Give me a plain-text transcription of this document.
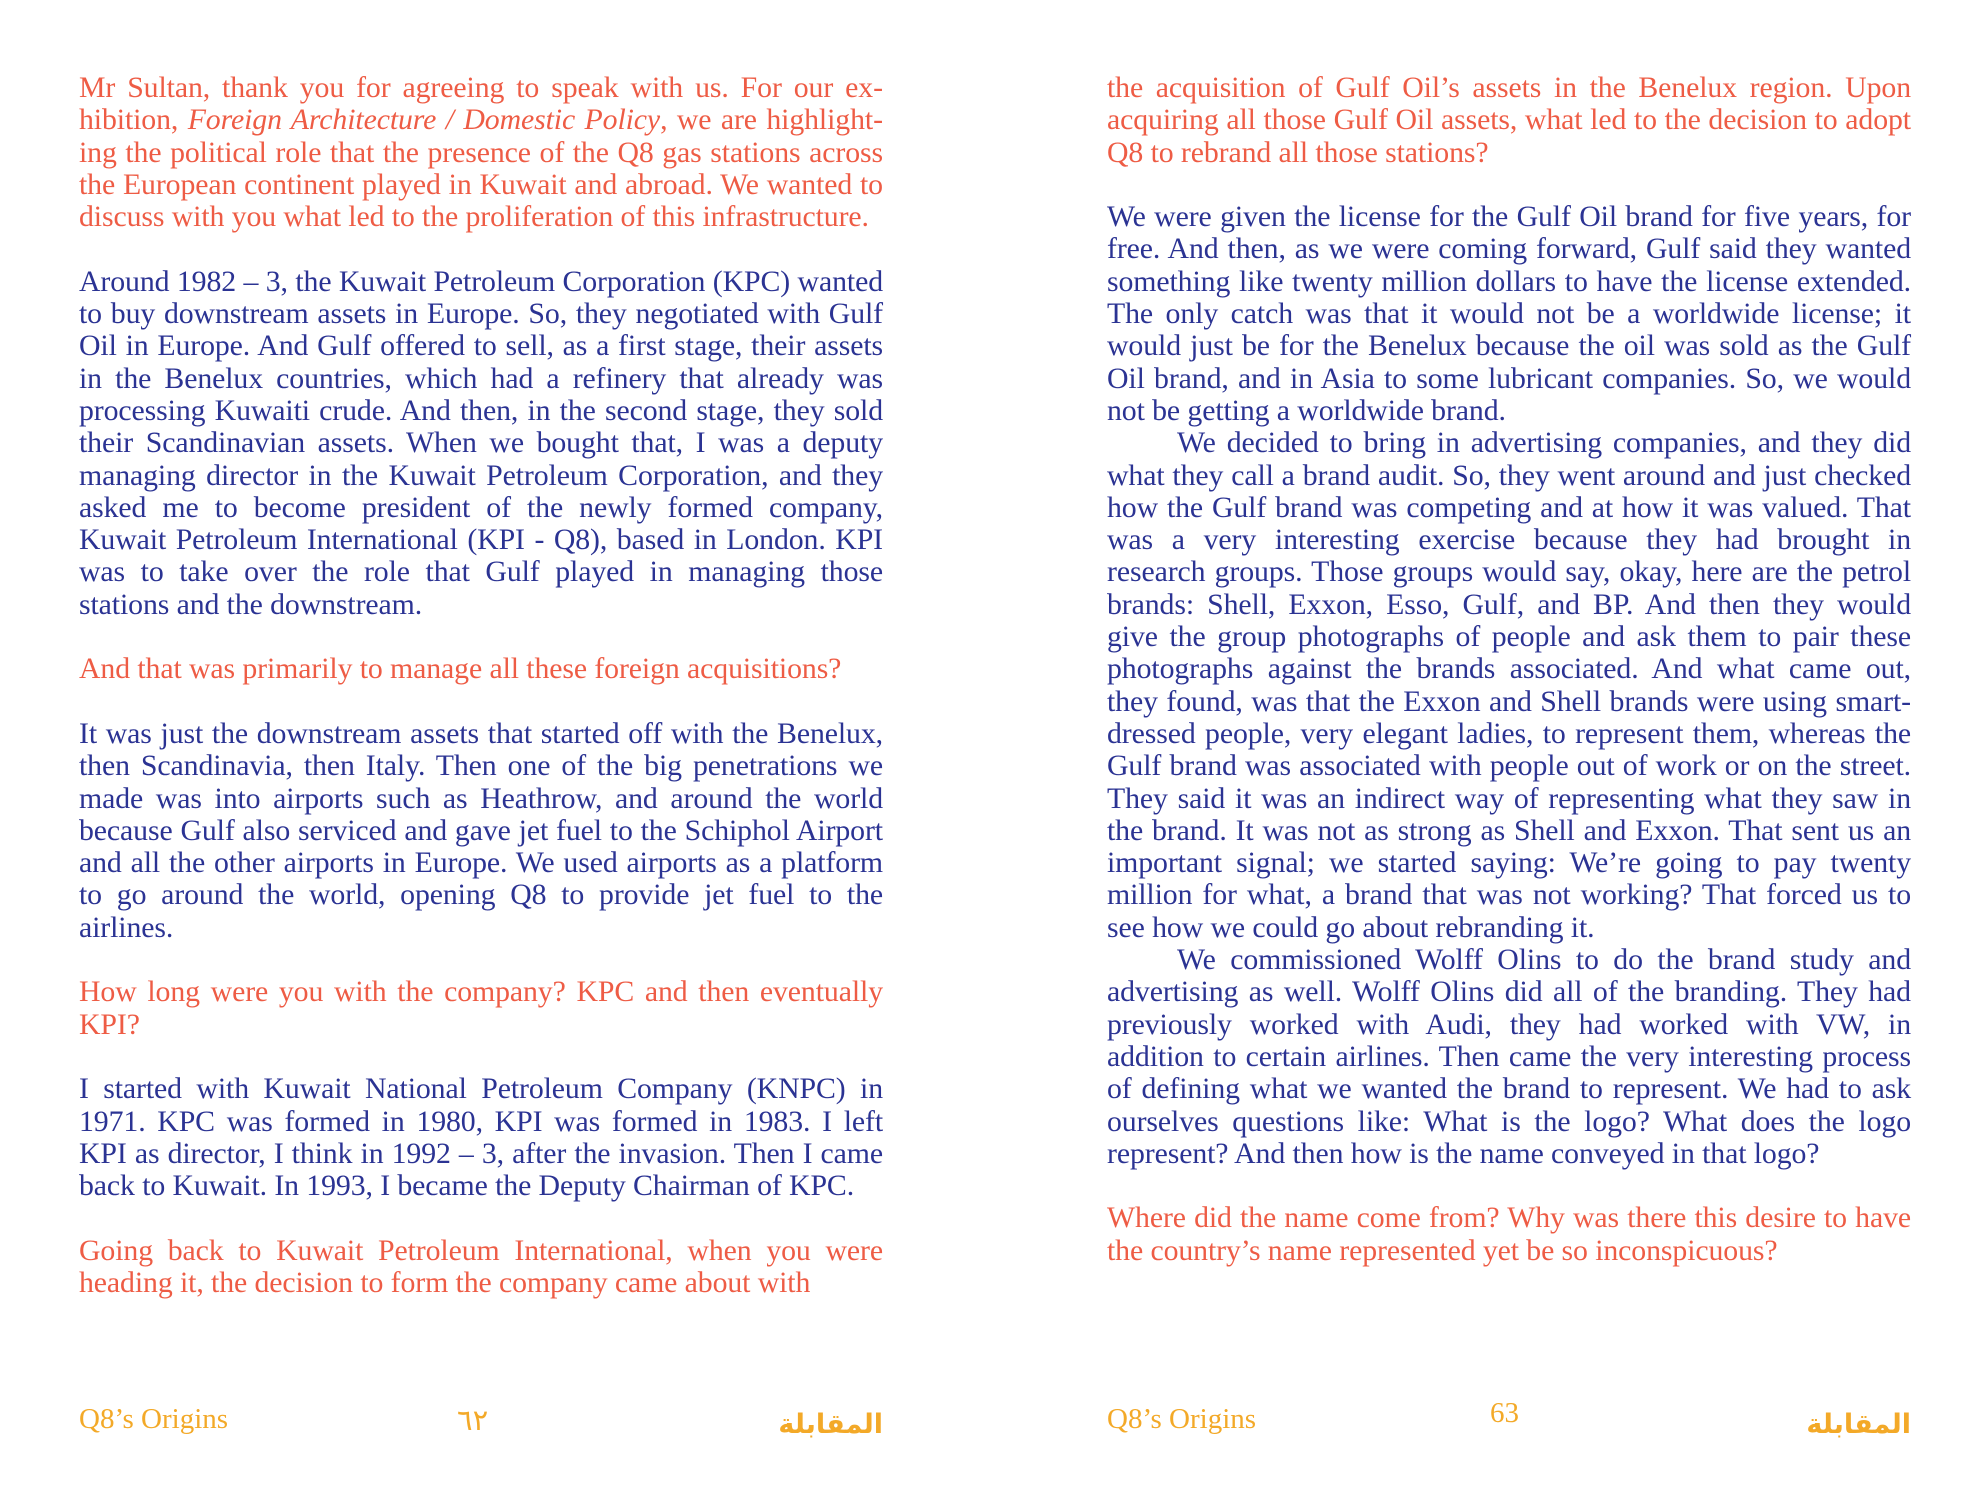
Mr Sultan, thank you for agreeing to speak with us. For our exhibition, Foreign Architecture / Domestic Policy, we are highlighting the political role that the presence of the Q8 gas stations across the European continent played in Kuwait and abroad. We wanted to discuss with you what led to the proliferation of this infrastructure.

Around 1982 – 3, the Kuwait Petroleum Corporation (KPC) wanted to buy downstream assets in Europe. So, they negotiated with Gulf Oil in Europe. And Gulf offered to sell, as a first stage, their assets in the Benelux countries, which had a refinery that already was processing Kuwaiti crude. And then, in the second stage, they sold their Scandinavian assets. When we bought that, I was a deputy managing director in the Kuwait Petroleum Corporation, and they asked me to become president of the newly formed company, Kuwait Petroleum International (KPI - Q8), based in London. KPI was to take over the role that Gulf played in managing those stations and the downstream.

And that was primarily to manage all these foreign acquisitions?

It was just the downstream assets that started off with the Benelux, then Scandinavia, then Italy. Then one of the big penetrations we made was into airports such as Heathrow, and around the world because Gulf also serviced and gave jet fuel to the Schiphol Airport and all the other airports in Europe. We used airports as a platform to go around the world, opening Q8 to provide jet fuel to the airlines.

How long were you with the company? KPC and then eventually KPI?

I started with Kuwait National Petroleum Company (KNPC) in 1971. KPC was formed in 1980, KPI was formed in 1983. I left KPI as director, I think in 1992 – 3, after the invasion. Then I came back to Kuwait. In 1993, I became the Deputy Chairman of KPC.

Going back to Kuwait Petroleum International, when you were heading it, the decision to form the company came about with

Q8’s Origins	٦٢	المقابلة

the acquisition of Gulf Oil’s assets in the Benelux region. Upon acquiring all those Gulf Oil assets, what led to the decision to adopt Q8 to rebrand all those stations?

We were given the license for the Gulf Oil brand for five years, for free. And then, as we were coming forward, Gulf said they wanted something like twenty million dollars to have the license extended. The only catch was that it would not be a worldwide license; it would just be for the Benelux because the oil was sold as the Gulf Oil brand, and in Asia to some lubricant companies. So, we would not be getting a worldwide brand.

We decided to bring in advertising companies, and they did what they call a brand audit. So, they went around and just checked how the Gulf brand was competing and at how it was valued. That was a very interesting exercise because they had brought in research groups. Those groups would say, okay, here are the petrol brands: Shell, Exxon, Esso, Gulf, and BP. And then they would give the group photographs of people and ask them to pair these photographs against the brands associated. And what came out, they found, was that the Exxon and Shell brands were using smart-dressed people, very elegant ladies, to represent them, whereas the Gulf brand was associated with people out of work or on the street. They said it was an indirect way of representing what they saw in the brand. It was not as strong as Shell and Exxon. That sent us an important signal; we started saying: We’re going to pay twenty million for what, a brand that was not working? That forced us to see how we could go about rebranding it.

We commissioned Wolff Olins to do the brand study and advertising as well. Wolff Olins did all of the branding. They had previously worked with Audi, they had worked with VW, in addition to certain airlines. Then came the very interesting process of defining what we wanted the brand to represent. We had to ask ourselves questions like: What is the logo? What does the logo represent? And then how is the name conveyed in that logo?

Where did the name come from? Why was there this desire to have the country’s name represented yet be so inconspicuous?

Q8’s Origins	63	المقابلة
